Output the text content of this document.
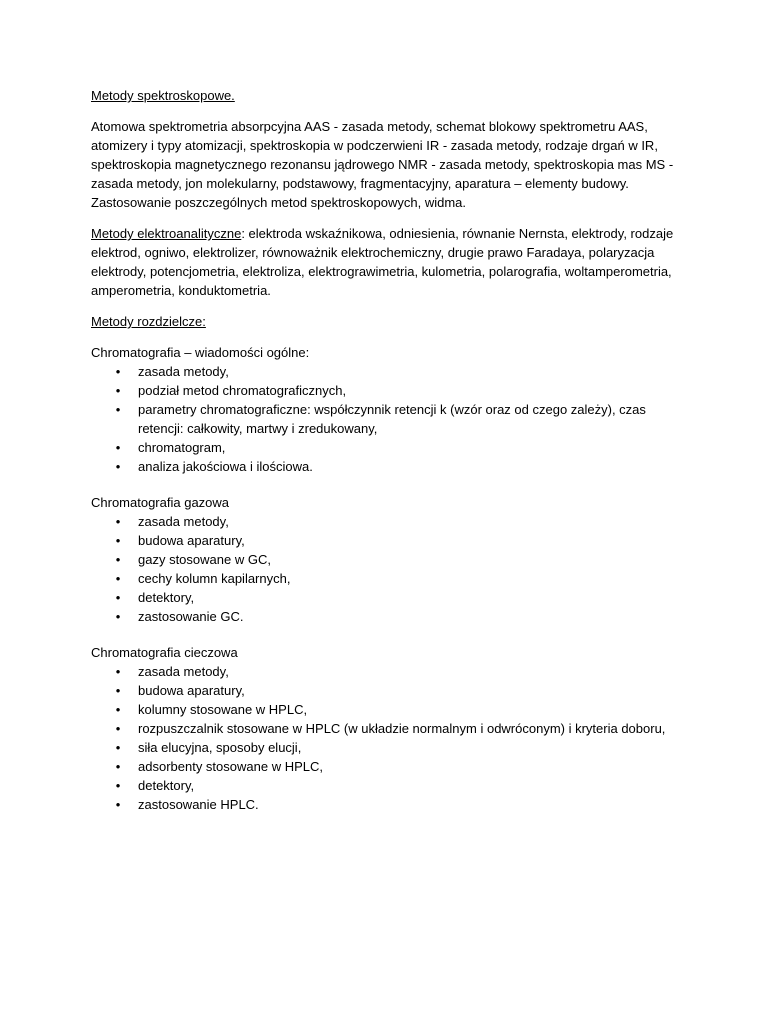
Metody spektroskopowe.

Atomowa spektrometria absorpcyjna AAS - zasada metody, schemat blokowy spektrometru AAS, atomizery i typy atomizacji, spektroskopia w podczerwieni IR - zasada metody, rodzaje drgań w IR, spektroskopia magnetycznego rezonansu jądrowego NMR - zasada metody, spektroskopia mas MS - zasada metody, jon molekularny, podstawowy, fragmentacyjny, aparatura – elementy budowy. Zastosowanie poszczególnych metod spektroskopowych, widma.

Metody elektroanalityczne: elektroda wskaźnikowa, odniesienia, równanie Nernsta, elektrody, rodzaje elektrod, ogniwo, elektrolizer, równoważnik elektrochemiczny, drugie prawo Faradaya, polaryzacja elektrody, potencjometria, elektroliza, elektrograwimetria, kulometria, polarografia, woltamperometria, amperometria, konduktometria.

Metody rozdzielcze:

Chromatografia – wiadomości ogólne:

• zasada metody,
• podział metod chromatograficznych,
• parametry chromatograficzne: współczynnik retencji k (wzór oraz od czego zależy), czas retencji: całkowity, martwy i zredukowany,
• chromatogram,
• analiza jakościowa i ilościowa.

Chromatografia gazowa

• zasada metody,
• budowa aparatury,
• gazy stosowane w GC,
• cechy kolumn kapilarnych,
• detektory,
• zastosowanie GC.

Chromatografia cieczowa

• zasada metody,
• budowa aparatury,
• kolumny stosowane w HPLC,
• rozpuszczalnik stosowane w HPLC (w układzie normalnym i odwróconym) i kryteria doboru,
• siła elucyjna, sposoby elucji,
• adsorbenty stosowane w HPLC,
• detektory,
• zastosowanie HPLC.
